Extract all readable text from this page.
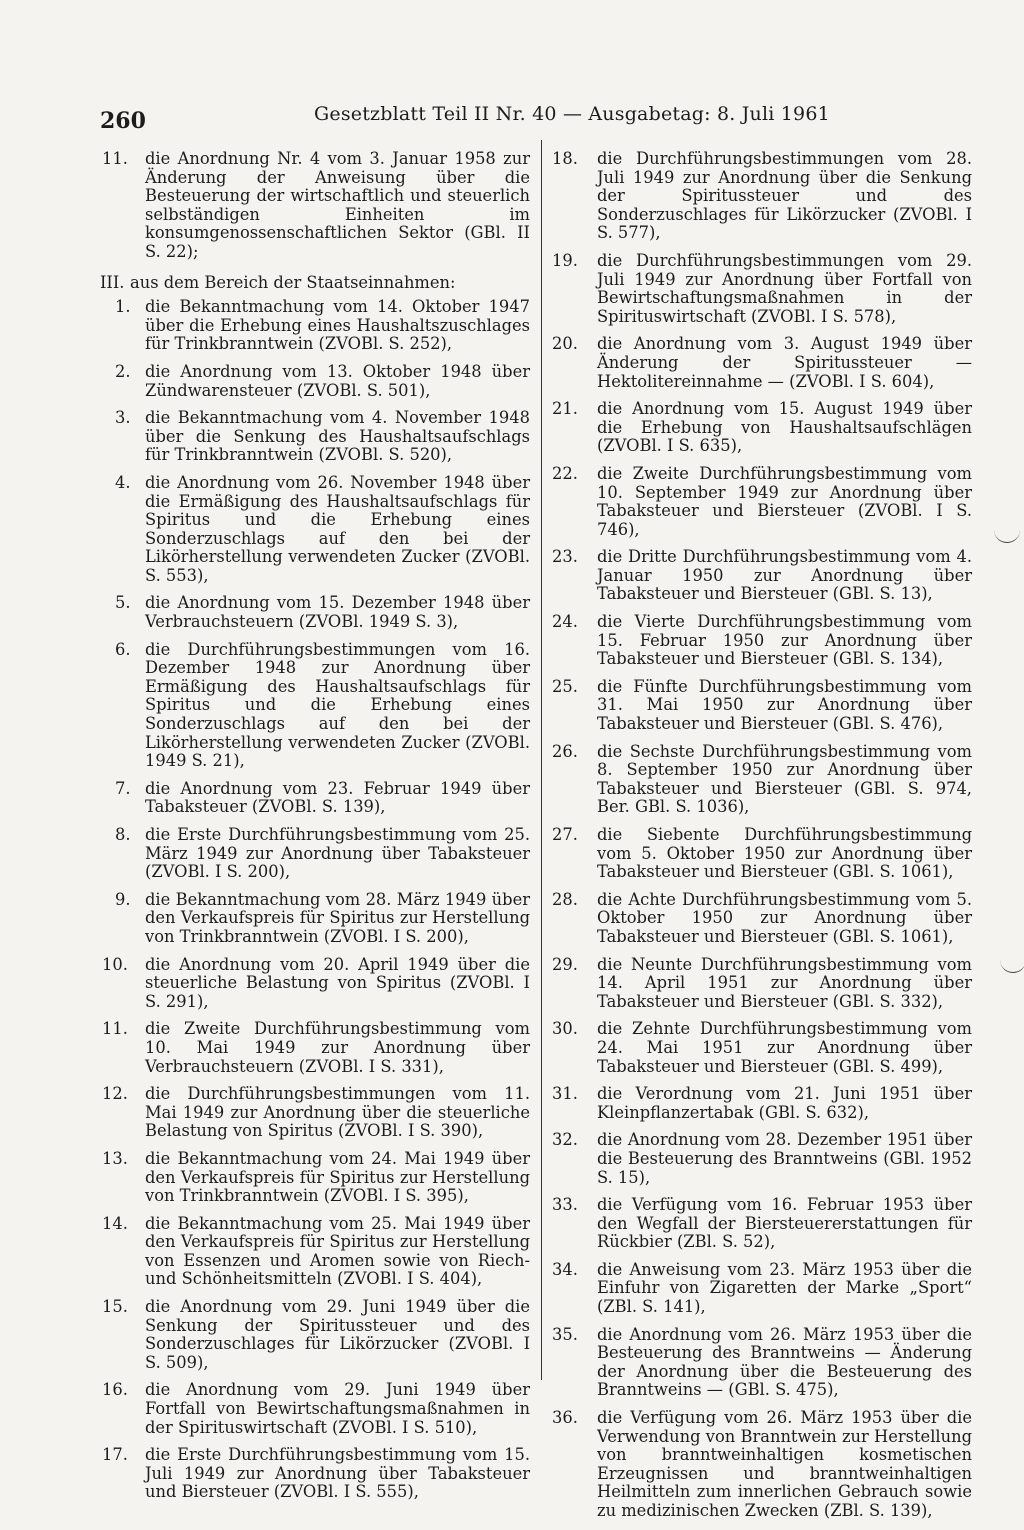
260	Gesetzblatt Teil II Nr. 40 — Ausgabetag: 8. Juli 1961
11. die Anordnung Nr. 4 vom 3. Januar 1958 zur Änderung der Anweisung über die Besteuerung der wirtschaftlich und steuerlich selbständigen Einheiten im konsumgenossenschaftlichen Sektor (GBl. II S. 22);
III. aus dem Bereich der Staatseinnahmen:
1. die Bekanntmachung vom 14. Oktober 1947 über die Erhebung eines Haushaltszuschlages für Trinkbranntwein (ZVOBl. S. 252),
2. die Anordnung vom 13. Oktober 1948 über Zündwarensteuer (ZVOBl. S. 501),
3. die Bekanntmachung vom 4. November 1948 über die Senkung des Haushaltsaufschlags für Trinkbranntwein (ZVOBl. S. 520),
4. die Anordnung vom 26. November 1948 über die Ermäßigung des Haushaltsaufschlags für Spiritus und die Erhebung eines Sonderzuschlags auf den bei der Likörherstellung verwendeten Zucker (ZVOBl. S. 553),
5. die Anordnung vom 15. Dezember 1948 über Verbrauchsteuern (ZVOBl. 1949 S. 3),
6. die Durchführungsbestimmungen vom 16. Dezember 1948 zur Anordnung über Ermäßigung des Haushaltsaufschlags für Spiritus und die Erhebung eines Sonderzuschlags auf den bei der Likörherstellung verwendeten Zucker (ZVOBl. 1949 S. 21),
7. die Anordnung vom 23. Februar 1949 über Tabaksteuer (ZVOBl. S. 139),
8. die Erste Durchführungsbestimmung vom 25. März 1949 zur Anordnung über Tabaksteuer (ZVOBl. I S. 200),
9. die Bekanntmachung vom 28. März 1949 über den Verkaufspreis für Spiritus zur Herstellung von Trinkbranntwein (ZVOBl. I S. 200),
10. die Anordnung vom 20. April 1949 über die steuerliche Belastung von Spiritus (ZVOBl. I S. 291),
11. die Zweite Durchführungsbestimmung vom 10. Mai 1949 zur Anordnung über Verbrauchsteuern (ZVOBl. I S. 331),
12. die Durchführungsbestimmungen vom 11. Mai 1949 zur Anordnung über die steuerliche Belastung von Spiritus (ZVOBl. I S. 390),
13. die Bekanntmachung vom 24. Mai 1949 über den Verkaufspreis für Spiritus zur Herstellung von Trinkbranntwein (ZVOBl. I S. 395),
14. die Bekanntmachung vom 25. Mai 1949 über den Verkaufspreis für Spiritus zur Herstellung von Essenzen und Aromen sowie von Riech- und Schönheitsmitteln (ZVOBl. I S. 404),
15. die Anordnung vom 29. Juni 1949 über die Senkung der Spiritussteuer und des Sonderzuschlages für Likörzucker (ZVOBl. I S. 509),
16. die Anordnung vom 29. Juni 1949 über Fortfall von Bewirtschaftungsmaßnahmen in der Spirituswirtschaft (ZVOBl. I S. 510),
17. die Erste Durchführungsbestimmung vom 15. Juli 1949 zur Anordnung über Tabaksteuer und Biersteuer (ZVOBl. I S. 555),
18. die Durchführungsbestimmungen vom 28. Juli 1949 zur Anordnung über die Senkung der Spiritussteuer und des Sonderzuschlages für Likörzucker (ZVOBl. I S. 577),
19. die Durchführungsbestimmungen vom 29. Juli 1949 zur Anordnung über Fortfall von Bewirtschaftungsmaßnahmen in der Spirituswirtschaft (ZVOBl. I S. 578),
20. die Anordnung vom 3. August 1949 über Änderung der Spiritussteuer — Hektolitereinnahme — (ZVOBl. I S. 604),
21. die Anordnung vom 15. August 1949 über die Erhebung von Haushaltsaufschlägen (ZVOBl. I S. 635),
22. die Zweite Durchführungsbestimmung vom 10. September 1949 zur Anordnung über Tabaksteuer und Biersteuer (ZVOBl. I S. 746),
23. die Dritte Durchführungsbestimmung vom 4. Januar 1950 zur Anordnung über Tabaksteuer und Biersteuer (GBl. S. 13),
24. die Vierte Durchführungsbestimmung vom 15. Februar 1950 zur Anordnung über Tabaksteuer und Biersteuer (GBl. S. 134),
25. die Fünfte Durchführungsbestimmung vom 31. Mai 1950 zur Anordnung über Tabaksteuer und Biersteuer (GBl. S. 476),
26. die Sechste Durchführungsbestimmung vom 8. September 1950 zur Anordnung über Tabaksteuer und Biersteuer (GBl. S. 974, Ber. GBl. S. 1036),
27. die Siebente Durchführungsbestimmung vom 5. Oktober 1950 zur Anordnung über Tabaksteuer und Biersteuer (GBl. S. 1061),
28. die Achte Durchführungsbestimmung vom 5. Oktober 1950 zur Anordnung über Tabaksteuer und Biersteuer (GBl. S. 1061),
29. die Neunte Durchführungsbestimmung vom 14. April 1951 zur Anordnung über Tabaksteuer und Biersteuer (GBl. S. 332),
30. die Zehnte Durchführungsbestimmung vom 24. Mai 1951 zur Anordnung über Tabaksteuer und Biersteuer (GBl. S. 499),
31. die Verordnung vom 21. Juni 1951 über Kleinpflanzertabak (GBl. S. 632),
32. die Anordnung vom 28. Dezember 1951 über die Besteuerung des Branntweins (GBl. 1952 S. 15),
33. die Verfügung vom 16. Februar 1953 über den Wegfall der Biersteuererstattungen für Rückbier (ZBl. S. 52),
34. die Anweisung vom 23. März 1953 über die Einfuhr von Zigaretten der Marke „Sport“ (ZBl. S. 141),
35. die Anordnung vom 26. März 1953 über die Besteuerung des Branntweins — Änderung der Anordnung über die Besteuerung des Branntweins — (GBl. S. 475),
36. die Verfügung vom 26. März 1953 über die Verwendung von Branntwein zur Herstellung von branntweinhaltigen kosmetischen Erzeugnissen und branntweinhaltigen Heilmitteln zum innerlichen Gebrauch sowie zu medizinischen Zwecken (ZBl. S. 139),
